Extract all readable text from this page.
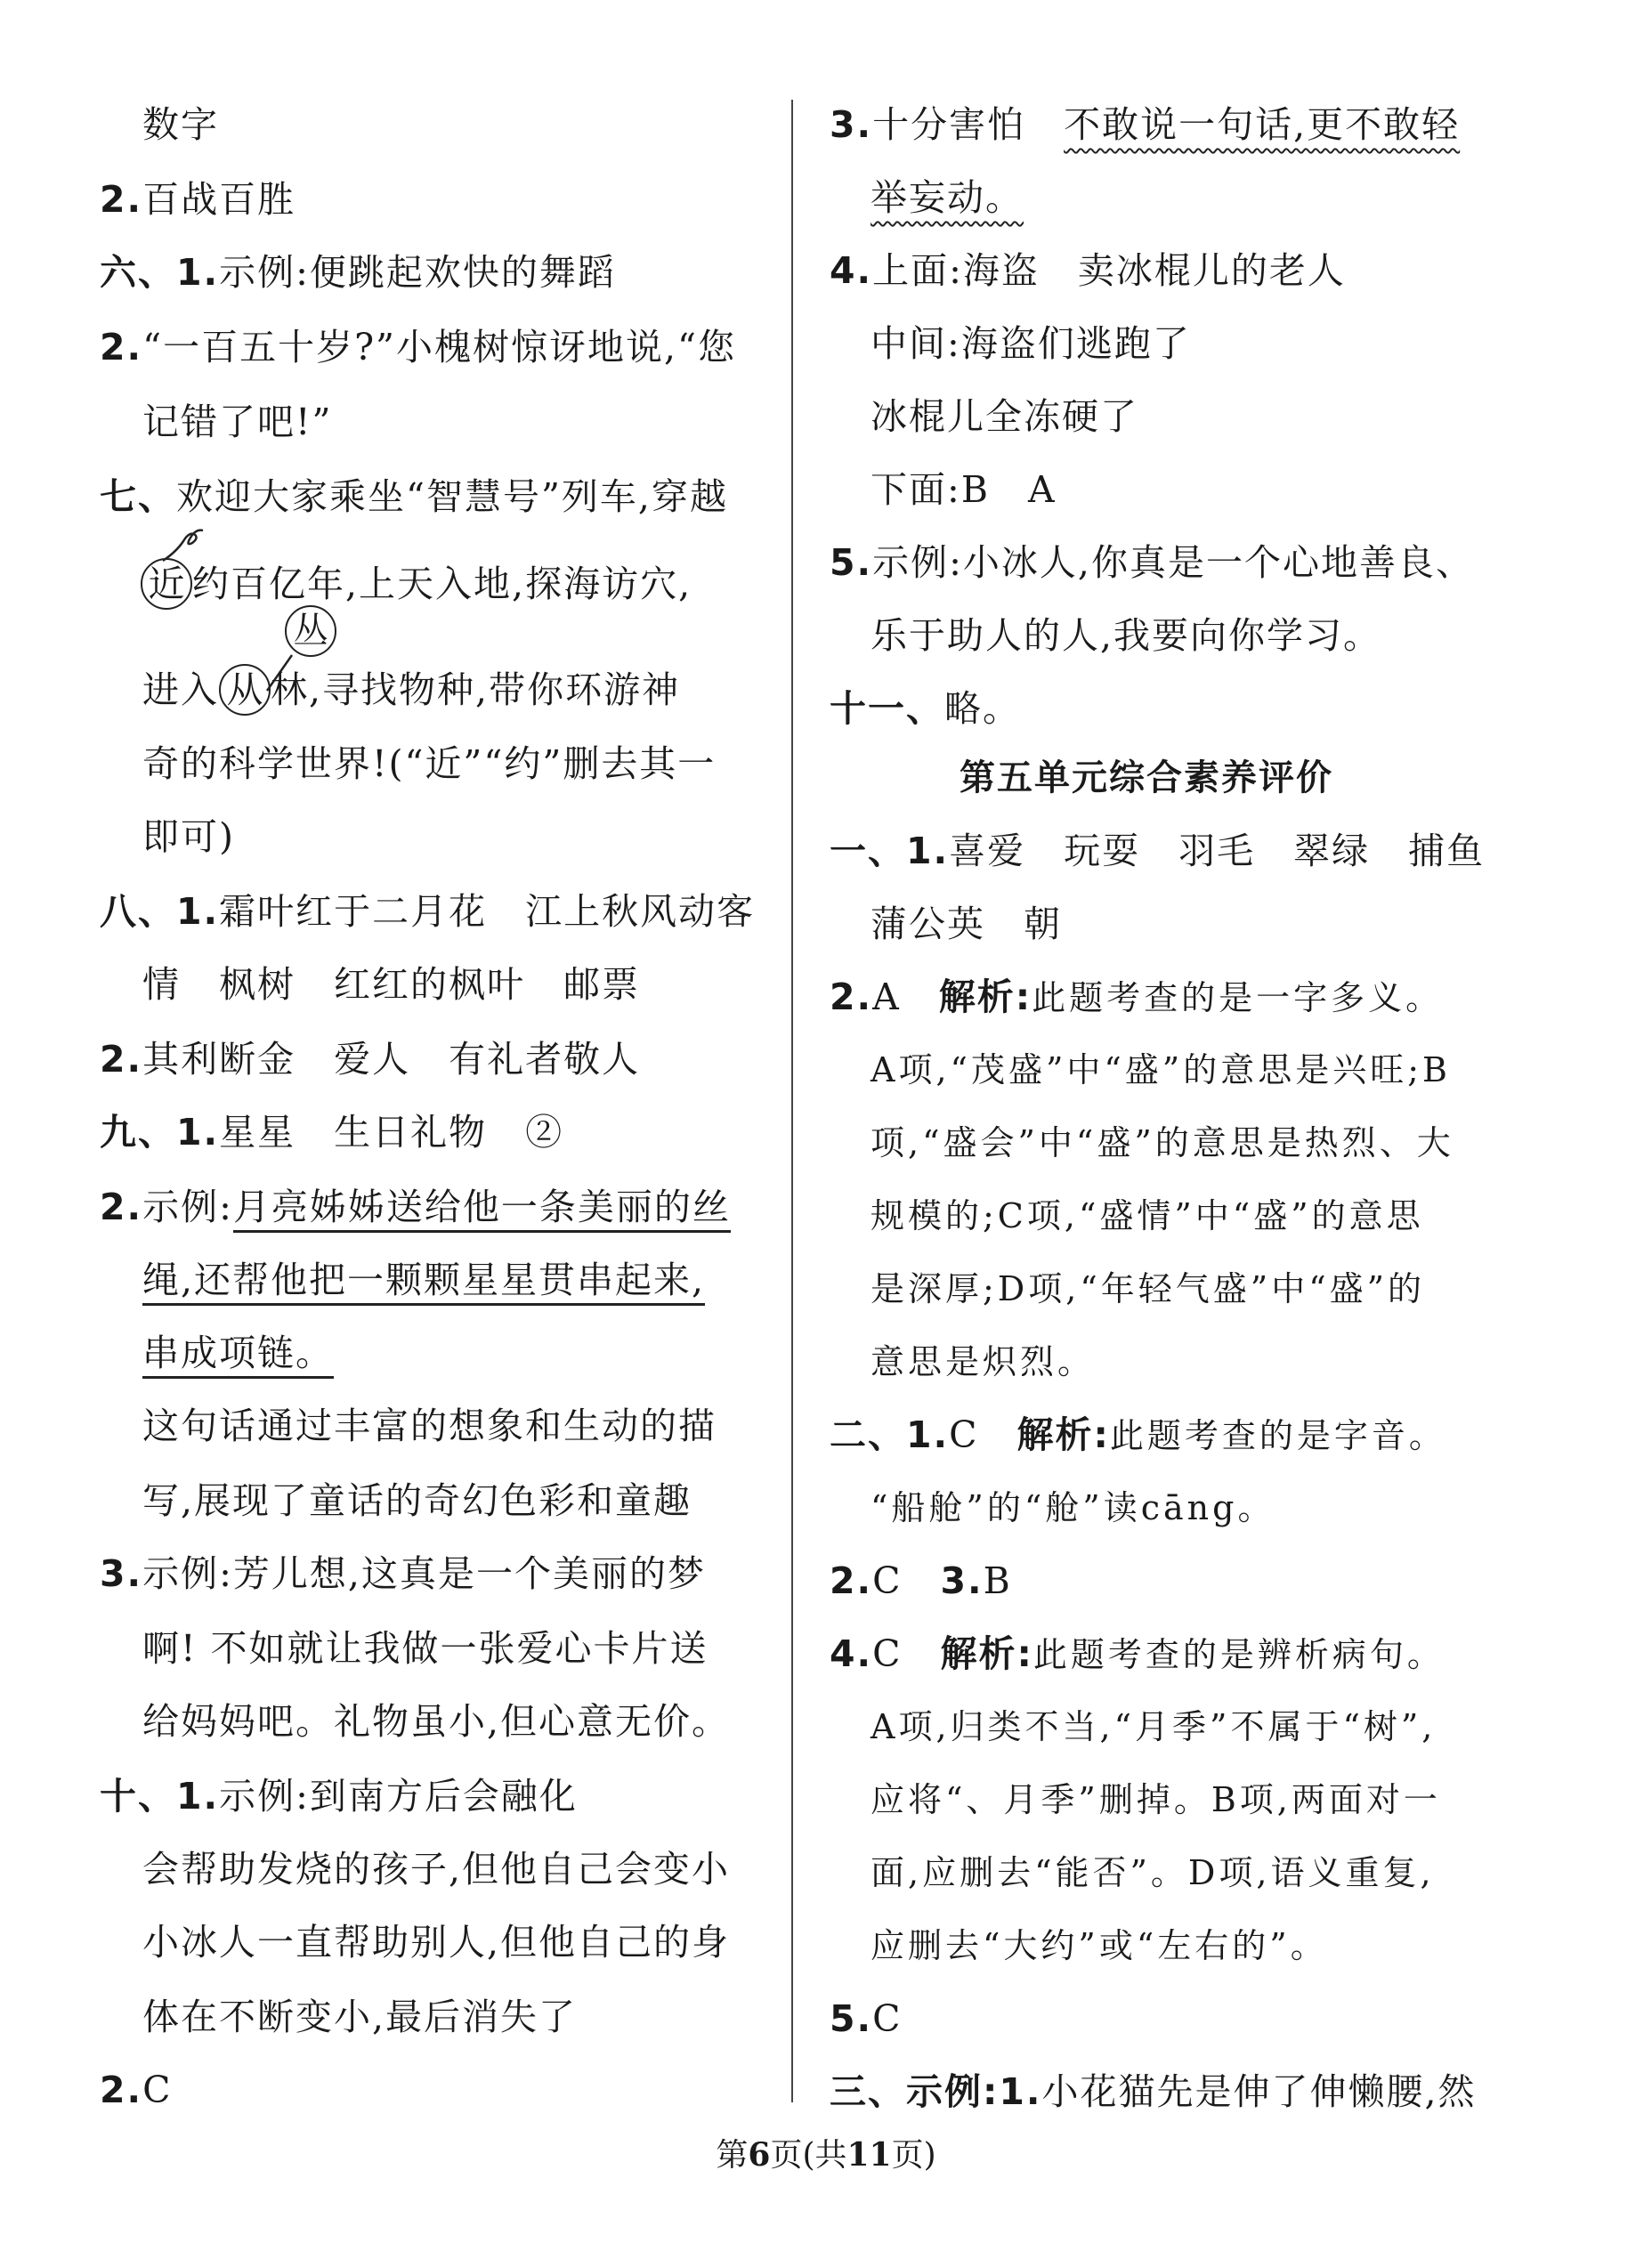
数字
2.百战百胜
六、1.示例:便跳起欢快的舞蹈
2.“一百五十岁?”小槐树惊讶地说,“您
记错了吧!”
七、欢迎大家乘坐“智慧号”列车,穿越
近 约百亿年,上天入地,探海访穴,
丛
进入 从 林,寻找物种,带你环游神
奇的科学世界!(“近”“约”删去其一
即可)
八、1.霜叶红于二月花　江上秋风动客
情　枫树　红红的枫叶　邮票
2.其利断金　爱人　有礼者敬人
九、1.星星　生日礼物　②
2.示例:月亮姊姊送给他一条美丽的丝
绳,还帮他把一颗颗星星贯串起来,
串成项链。
这句话通过丰富的想象和生动的描
写,展现了童话的奇幻色彩和童趣
3.示例:芳儿想,这真是一个美丽的梦
啊! 不如就让我做一张爱心卡片送
给妈妈吧。礼物虽小,但心意无价。
十、1.示例:到南方后会融化
会帮助发烧的孩子,但他自己会变小
小冰人一直帮助别人,但他自己的身
体在不断变小,最后消失了
2.C
3.十分害怕　不敢说一句话,更不敢轻
举妄动。
4.上面:海盗　卖冰棍儿的老人
中间:海盗们逃跑了
冰棍儿全冻硬了
下面:B　A
5.示例:小冰人,你真是一个心地善良、
乐于助人的人,我要向你学习。
十一、略。
第五单元综合素养评价
一、1.喜爱　玩耍　羽毛　翠绿　捕鱼
蒲公英　朝
2.A　解析:此题考查的是一字多义。
A项,“茂盛”中“盛”的意思是兴旺;B
项,“盛会”中“盛”的意思是热烈、大
规模的;C项,“盛情”中“盛”的意思
是深厚;D项,“年轻气盛”中“盛”的
意思是炽烈。
二、1.C　解析:此题考查的是字音。
“船舱”的“舱”读cāng。
2.C　3.B
4.C　解析:此题考查的是辨析病句。
A项,归类不当,“月季”不属于“树”,
应将“、月季”删掉。B项,两面对一
面,应删去“能否”。D项,语义重复,
应删去“大约”或“左右的”。
5.C
三、示例:1.小花猫先是伸了伸懒腰,然
第6页(共11页)
